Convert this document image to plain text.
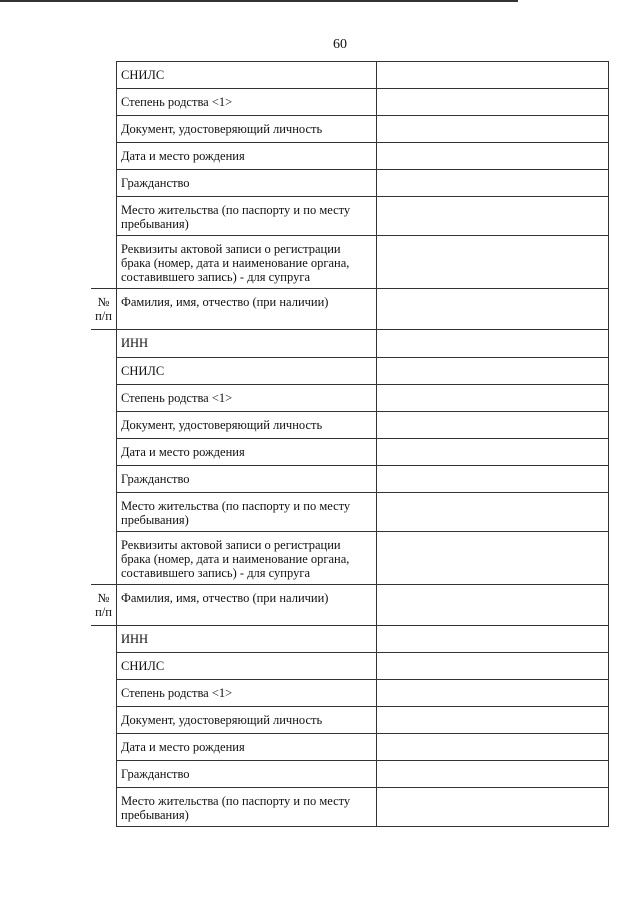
60
	СНИЛС	
	Степень родства <1>	
	Документ, удостоверяющий личность	
	Дата и место рождения	
	Гражданство	
	Место жительства (по паспорту и по месту пребывания)	
	Реквизиты актовой записи о регистрации брака (номер, дата и наименование органа, составившего запись) - для супруга	
№ п/п	Фамилия, имя, отчество (при наличии)	
	ИНН	
	СНИЛС	
	Степень родства <1>	
	Документ, удостоверяющий личность	
	Дата и место рождения	
	Гражданство	
	Место жительства (по паспорту и по месту пребывания)	
	Реквизиты актовой записи о регистрации брака (номер, дата и наименование органа, составившего запись) - для супруга	
№ п/п	Фамилия, имя, отчество (при наличии)	
	ИНН	
	СНИЛС	
	Степень родства <1>	
	Документ, удостоверяющий личность	
	Дата и место рождения	
	Гражданство	
	Место жительства (по паспорту и по месту пребывания)	
